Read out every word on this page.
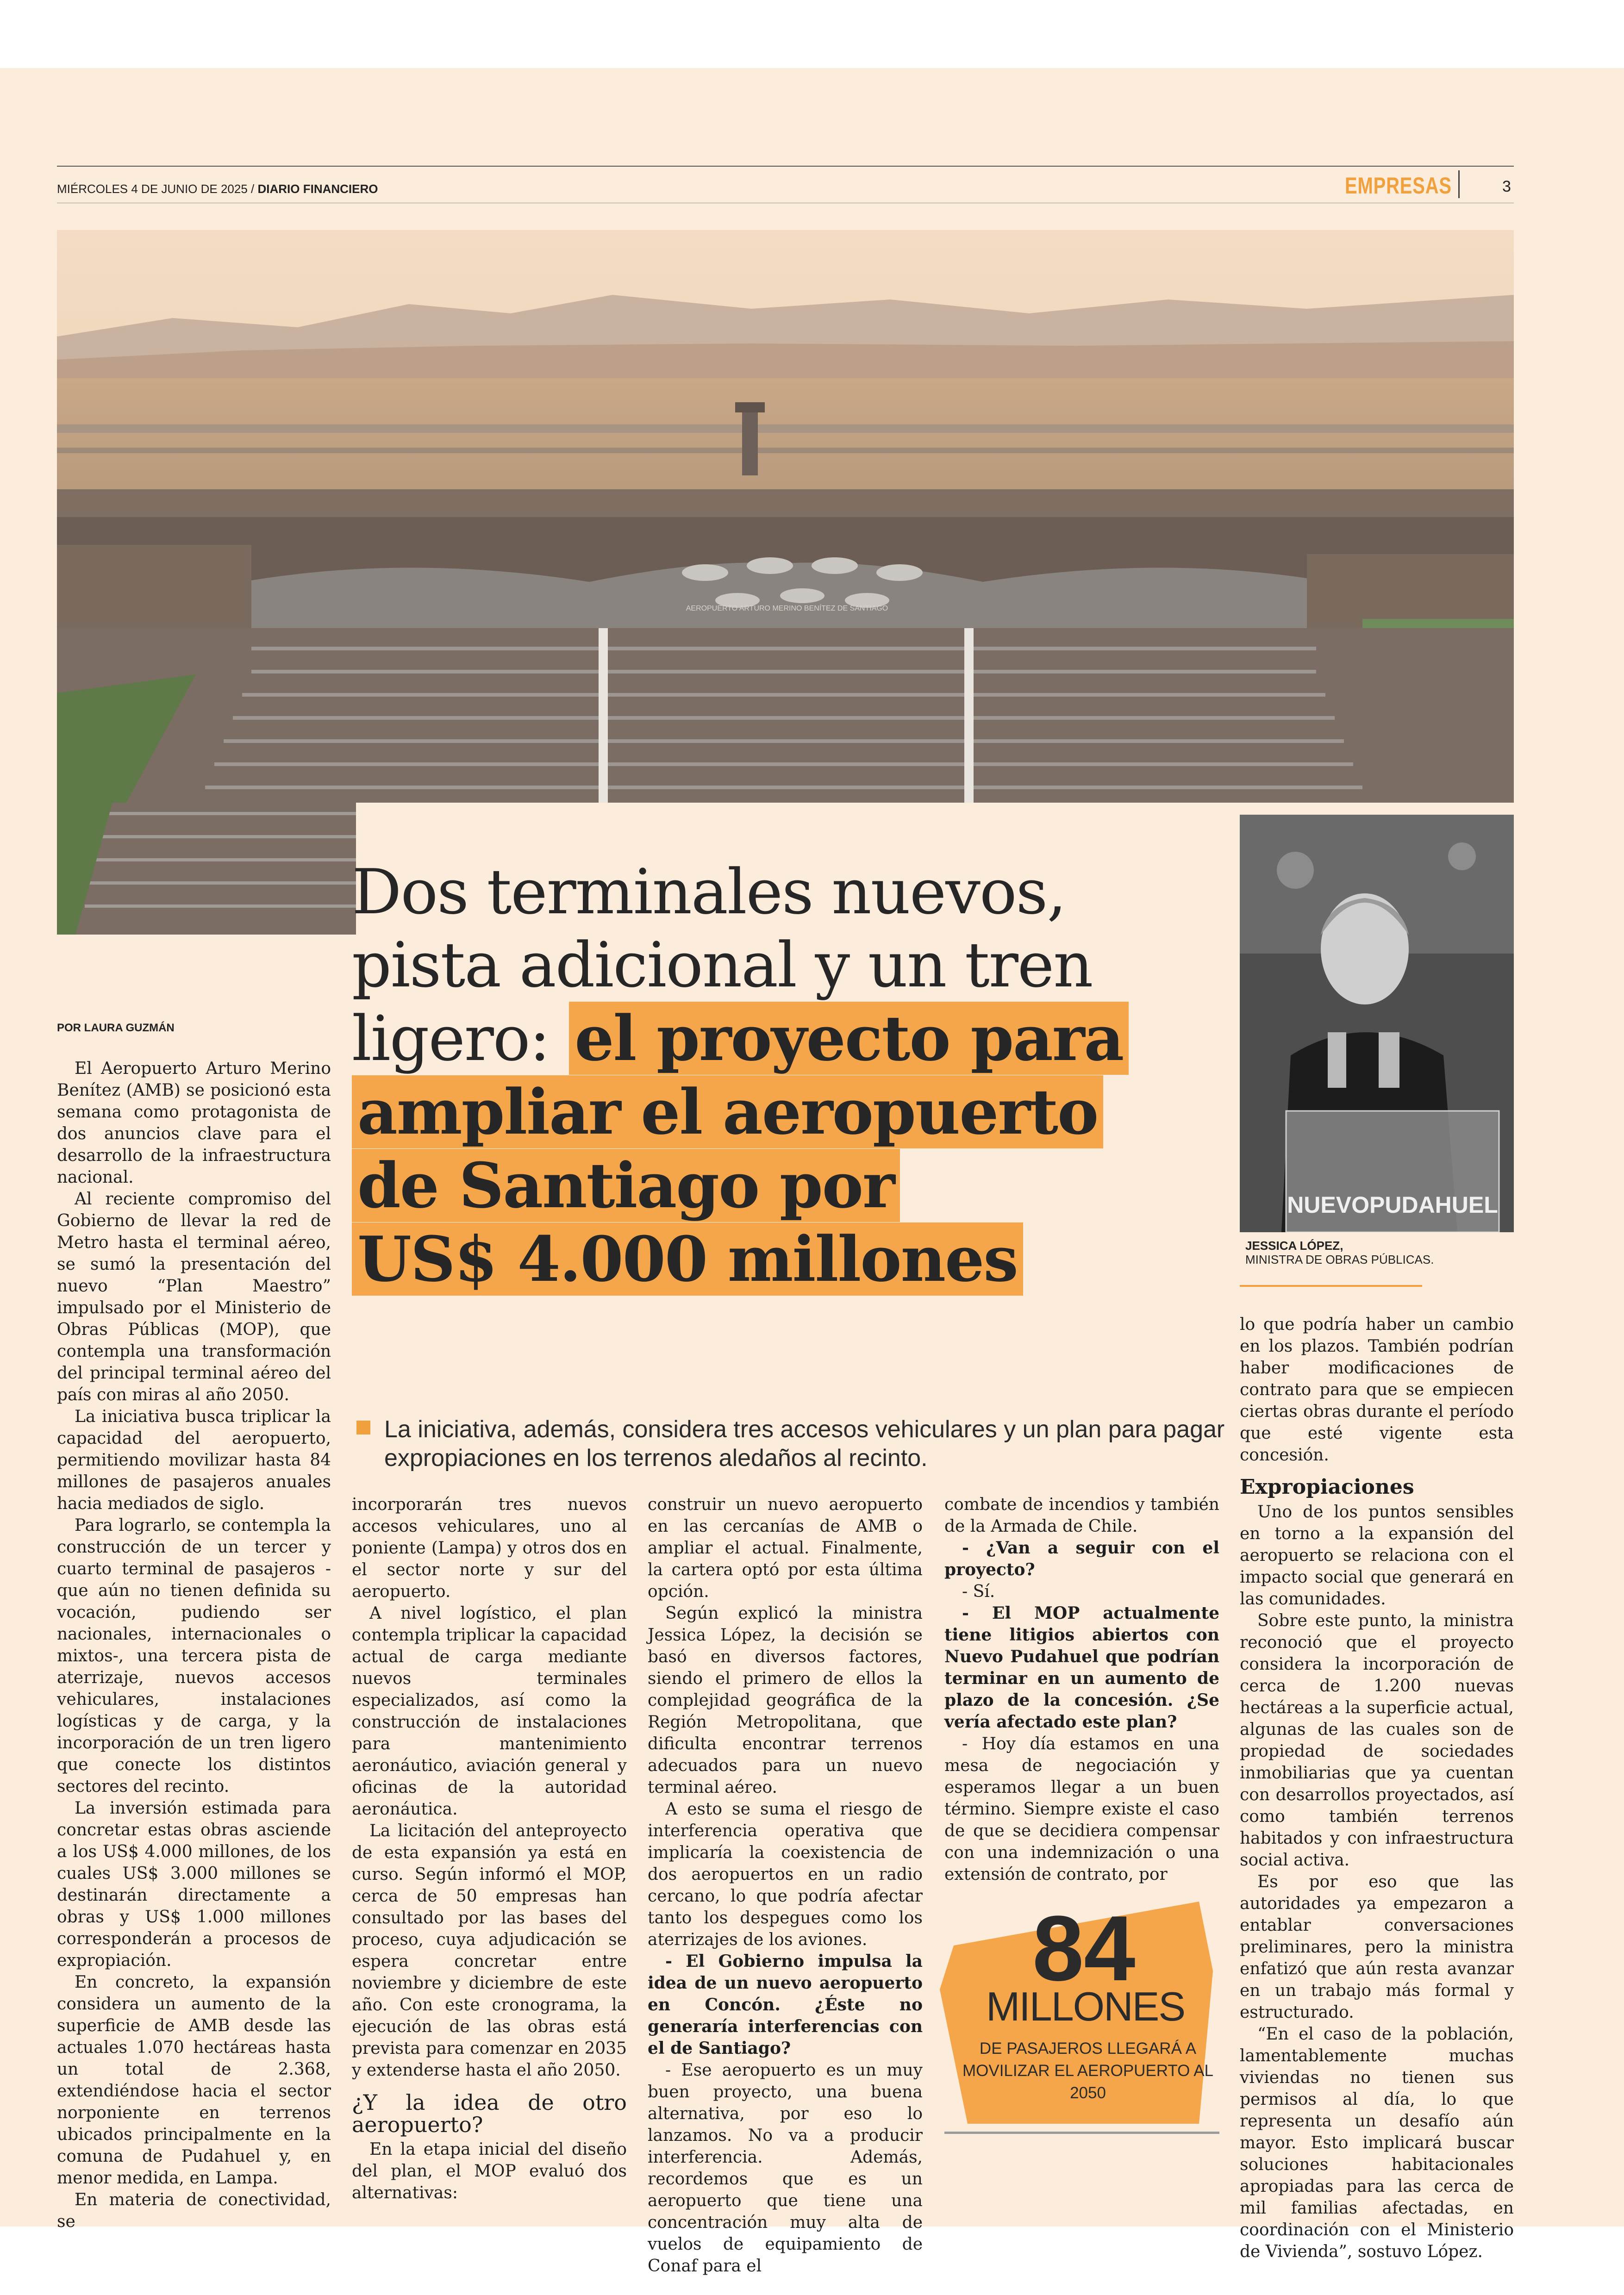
MIÉRCOLES 4 DE JUNIO DE 2025 / DIARIO FINANCIERO	EMPRESAS	3
AEROPUERTO ARTURO MERINO BENÍTEZ DE SANTIAGO
NUEVOPUDAHUEL
JESSICA LÓPEZ,
MINISTRA DE OBRAS PÚBLICAS.
POR LAURA GUZMÁN
Dos terminales nuevos,
pista adicional y un tren
ligero: el proyecto para
ampliar el aeropuerto
de Santiago por
US$ 4.000 millones
La iniciativa, además, considera tres accesos vehiculares y un plan para pagar expropiaciones en los terrenos aledaños al recinto.

El Aeropuerto Arturo Merino Benítez (AMB) se posicionó esta semana como protagonista de dos anuncios clave para el desarrollo de la infraestructura nacional.

Al reciente compromiso del Gobierno de llevar la red de Metro hasta el terminal aéreo, se sumó la presentación del nuevo “Plan Maestro” impulsado por el Ministerio de Obras Públicas (MOP), que contempla una transformación del principal terminal aéreo del país con miras al año 2050.

La iniciativa busca triplicar la capacidad del aeropuerto, permitiendo movilizar hasta 84 millones de pasajeros anuales hacia mediados de siglo.

Para lograrlo, se contempla la construcción de un tercer y cuarto terminal de pasajeros -que aún no tienen definida su vocación, pudiendo ser nacionales, internacionales o mixtos-, una tercera pista de aterrizaje, nuevos accesos vehiculares, instalaciones logísticas y de carga, y la incorporación de un tren ligero que conecte los distintos sectores del recinto.

La inversión estimada para concretar estas obras asciende a los US$ 4.000 millones, de los cuales US$ 3.000 millones se destinarán directamente a obras y US$ 1.000 millones corresponderán a procesos de expropiación.

En concreto, la expansión considera un aumento de la superficie de AMB desde las actuales 1.070 hectáreas hasta un total de 2.368, extendiéndose hacia el sector norponiente en terrenos ubicados principalmente en la comuna de Pudahuel y, en menor medida, en Lampa.

En materia de conectividad, se

incorporarán tres nuevos accesos vehiculares, uno al poniente (Lampa) y otros dos en el sector norte y sur del aeropuerto.

A nivel logístico, el plan contempla triplicar la capacidad actual de carga mediante nuevos terminales especializados, así como la construcción de instalaciones para mantenimiento aeronáutico, aviación general y oficinas de la autoridad aeronáutica.

La licitación del anteproyecto de esta expansión ya está en curso. Según informó el MOP, cerca de 50 empresas han consultado por las bases del proceso, cuya adjudicación se espera concretar entre noviembre y diciembre de este año. Con este cronograma, la ejecución de las obras está prevista para comenzar en 2035 y extenderse hasta el año 2050.

¿Y la idea de otro aeropuerto?

En la etapa inicial del diseño del plan, el MOP evaluó dos alternativas:

construir un nuevo aeropuerto en las cercanías de AMB o ampliar el actual. Finalmente, la cartera optó por esta última opción.

Según explicó la ministra Jessica López, la decisión se basó en diversos factores, siendo el primero de ellos la complejidad geográfica de la Región Metropolitana, que dificulta encontrar terrenos adecuados para un nuevo terminal aéreo.

A esto se suma el riesgo de interferencia operativa que implicaría la coexistencia de dos aeropuertos en un radio cercano, lo que podría afectar tanto los despegues como los aterrizajes de los aviones.

- El Gobierno impulsa la idea de un nuevo aeropuerto en Concón. ¿Éste no generaría interferencias con el de Santiago?

- Ese aeropuerto es un muy buen proyecto, una buena alternativa, por eso lo lanzamos. No va a producir interferencia. Además, recordemos que es un aeropuerto que tiene una concentración muy alta de vuelos de equipamiento de Conaf para el

combate de incendios y también de la Armada de Chile.

- ¿Van a seguir con el proyecto?

- Sí.

- El MOP actualmente tiene litigios abiertos con Nuevo Pudahuel que podrían terminar en un aumento de plazo de la concesión. ¿Se vería afectado este plan?

- Hoy día estamos en una mesa de negociación y esperamos llegar a un buen término. Siempre existe el caso de que se decidiera compensar con una indemnización o una extensión de contrato, por

84
MILLONES
DE PASAJEROS LLEGARÁ A MOVILIZAR EL AEROPUERTO AL 2050

lo que podría haber un cambio en los plazos. También podrían haber modificaciones de contrato para que se empiecen ciertas obras durante el período que esté vigente esta concesión.

Expropiaciones

Uno de los puntos sensibles en torno a la expansión del aeropuerto se relaciona con el impacto social que generará en las comunidades.

Sobre este punto, la ministra reconoció que el proyecto considera la incorporación de cerca de 1.200 nuevas hectáreas a la superficie actual, algunas de las cuales son de propiedad de sociedades inmobiliarias que ya cuentan con desarrollos proyectados, así como también terrenos habitados y con infraestructura social activa.

Es por eso que las autoridades ya empezaron a entablar conversaciones preliminares, pero la ministra enfatizó que aún resta avanzar en un trabajo más formal y estructurado.

“En el caso de la población, lamentablemente muchas viviendas no tienen sus permisos al día, lo que representa un desafío aún mayor. Esto implicará buscar soluciones habitacionales apropiadas para las cerca de mil familias afectadas, en coordinación con el Ministerio de Vivienda”, sostuvo López.
